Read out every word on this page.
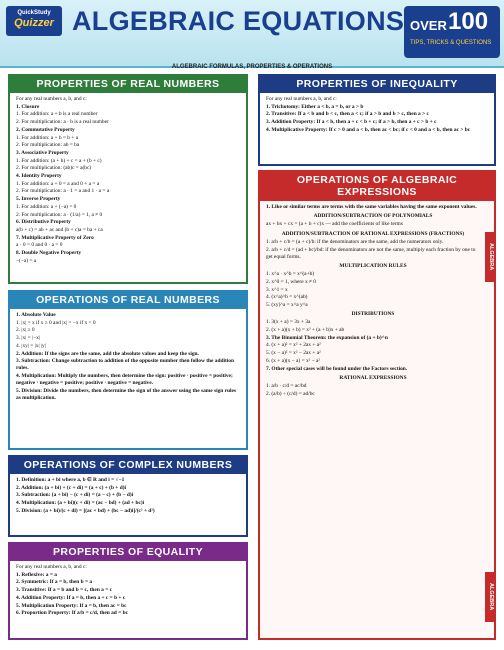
QuickStudy
Quizzer ALGEBRAIC EQUATIONS OVER 100
TIPS, TRICKS & QUESTIONS
ALGEBRAIC FORMULAS, PROPERTIES & OPERATIONS
PROPERTIES OF REAL NUMBERS

For any real numbers a, b, and c:

1. Closure

1. For addition: a + b is a real number

2. For multiplication: a · b is a real number

2. Commutative Property

1. For addition: a + b = b + a

2. For multiplication: ab = ba

3. Associative Property

1. For addition: (a + b) + c = a + (b + c)

2. For multiplication: (ab)c = a(bc)

4. Identity Property

1. For addition: a + 0 = a and 0 + a = a

2. For multiplication: a · 1 = a and 1 · a = a

5. Inverse Property

1. For addition: a + (−a) = 0

2. For multiplication: a · (1/a) = 1, a ≠ 0

6. Distributive Property

a(b + c) = ab + ac and (b + c)a = ba + ca

7. Multiplicative Property of Zero

a · 0 = 0 and 0 · a = 0

8. Double Negative Property

−(−a) = a

PROPERTIES OF INEQUALITY

For any real numbers a, b, and c:

1. Trichotomy: Either a < b, a = b, or a > b

2. Transitive: If a < b and b < c, then a < c; if a > b and b > c, then a > c

3. Addition Property: If a < b, then a + c < b + c; if a > b, then a + c > b + c

4. Multiplicative Property: If c > 0 and a < b, then ac < bc; if c < 0 and a < b, then ac > bc

OPERATIONS OF ALGEBRAIC EXPRESSIONS

1. Like or similar terms are terms with the same variables having the same exponent values.

ADDITION/SUBTRACTION OF POLYNOMIALS

ax + bx + cx = (a + b + c)x — add the coefficients of like terms

ADDITION/SUBTRACTION OF RATIONAL EXPRESSIONS (FRACTIONS)

1. a/b + c/b = (a + c)/b: if the denominators are the same, add the numerators only.

2. a/b + c/d = (ad + bc)/bd: if the denominators are not the same, multiply each fraction by one to get equal forms.

MULTIPLICATION RULES

1. x^a · x^b = x^(a+b)

2. x^0 = 1, where x ≠ 0

3. x^1 = x

4. (x^a)^b = x^(ab)

5. (xy)^a = x^a y^a

DISTRIBUTIONS

1. 3(x + a) = 3x + 3a

2. (x + a)(x + b) = x² + (a + b)x + ab

3. The Binomial Theorem: the expansion of (a + b)^n

4. (x + a)² = x² + 2ax + a²

5. (x − a)² = x² − 2ax + a²

6. (x + a)(x − a) = x² − a²

7. Other special cases will be found under the Factors section.

RATIONAL EXPRESSIONS

1. a/b · c/d = ac/bd

2. (a/b) ÷ (c/d) = ad/bc

ALGEBRA
ALGEBRA
OPERATIONS OF REAL NUMBERS

1. Absolute Value

1. |x| = x if x ≥ 0 and |x| = −x if x < 0

2. |x| ≥ 0

3. |x| = |−x|

4. |xy| = |x| |y|

2. Addition: If the signs are the same, add the absolute values and keep the sign.

3. Subtraction: Change subtraction to addition of the opposite number then follow the addition rules.

4. Multiplication: Multiply the numbers, then determine the sign: positive · positive = positive; negative · negative = positive; positive · negative = negative.

5. Division: Divide the numbers, then determine the sign of the answer using the same sign rules as multiplication.

OPERATIONS OF COMPLEX NUMBERS

1. Definition: a + bi where a, b ∈ R and i = √−1

2. Addition: (a + bi) + (c + di) = (a + c) + (b + d)i

3. Subtraction: (a + bi) − (c + di) = (a − c) + (b − d)i

4. Multiplication: (a + bi)(c + di) = (ac − bd) + (ad + bc)i

5. Division: (a + bi)/(c + di) = [(ac + bd) + (bc − ad)i]/(c² + d²)

PROPERTIES OF EQUALITY

For any real numbers a, b, and c:

1. Reflexive: a = a

2. Symmetric: If a = b, then b = a

3. Transitive: If a = b and b = c, then a = c

4. Addition Property: If a = b, then a + c = b + c

5. Multiplication Property: If a = b, then ac = bc

6. Proportion Property: If a/b = c/d, then ad = bc
